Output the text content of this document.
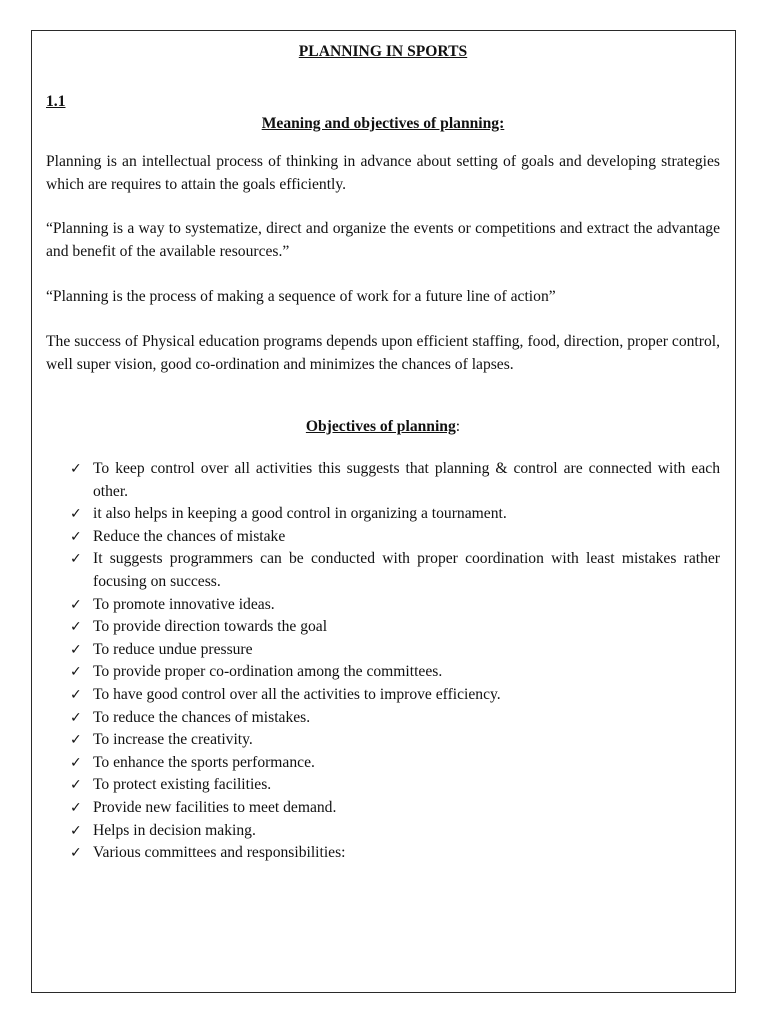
PLANNING IN SPORTS
1.1
Meaning and objectives of planning:

Planning is an intellectual process of thinking in advance about setting of goals and developing strategies which are requires to attain the goals efficiently.

“Planning is a way to systematize, direct and organize the events or competitions and extract the advantage and benefit of the available resources.”

“Planning is the process of making a sequence of work for a future line of action”

The success of Physical education programs depends upon efficient staffing, food, direction, proper control, well super vision, good co-ordination and minimizes the chances of lapses.

Objectives of planning:
✓ To keep control over all activities this suggests that planning & control are connected with each other.
✓ it also helps in keeping a good control in organizing a tournament.
✓ Reduce the chances of mistake
✓ It suggests programmers can be conducted with proper coordination with least mistakes rather focusing on success.
✓ To promote innovative ideas.
✓ To provide direction towards the goal
✓ To reduce undue pressure
✓ To provide proper co-ordination among the committees.
✓ To have good control over all the activities to improve efficiency.
✓ To reduce the chances of mistakes.
✓ To increase the creativity.
✓ To enhance the sports performance.
✓ To protect existing facilities.
✓ Provide new facilities to meet demand.
✓ Helps in decision making.
✓ Various committees and responsibilities:
